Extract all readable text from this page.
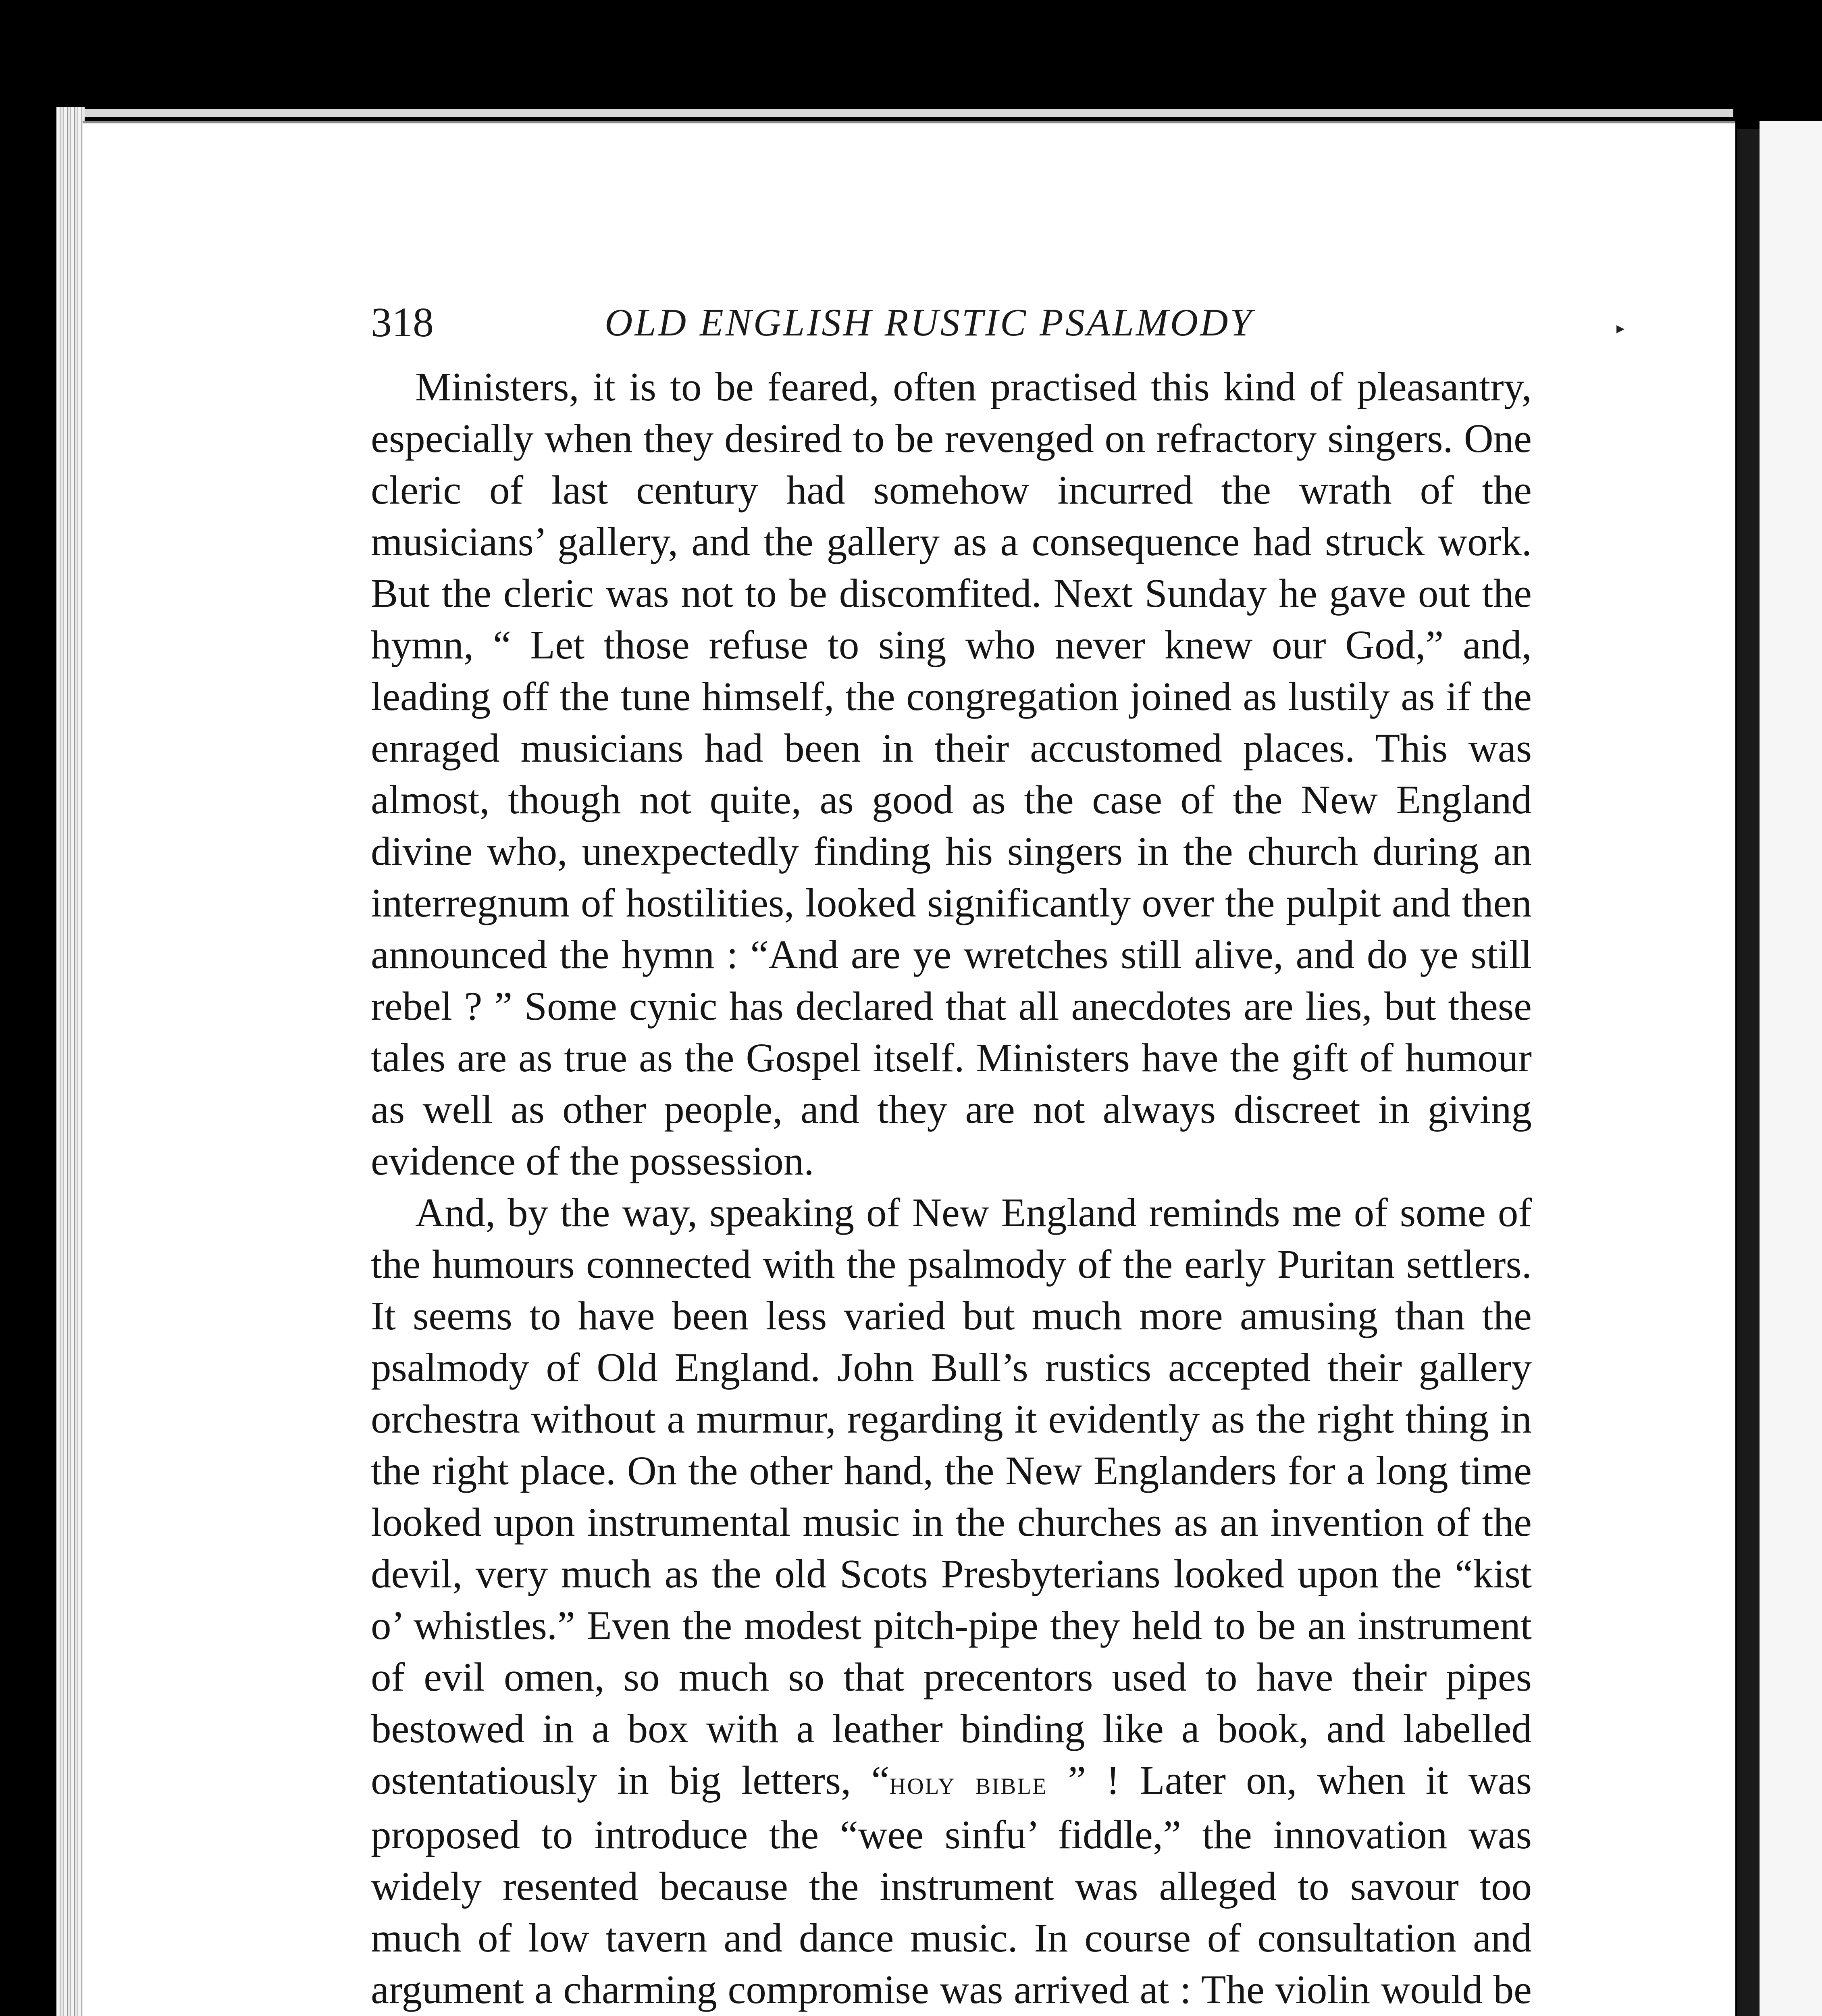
318	OLD ENGLISH RUSTIC PSALMODY	▸

Ministers, it is to be feared, often practised this kind of pleasantry, especially when they desired to be revenged on refractory singers. One cleric of last century had somehow incurred the wrath of the musicians’ gallery, and the gallery as a consequence had struck work. But the cleric was not to be discomfited. Next Sunday he gave out the hymn, “ Let those refuse to sing who never knew our God,” and, leading off the tune himself, the congregation joined as lustily as if the enraged musicians had been in their accustomed places. This was almost, though not quite, as good as the case of the New England divine who, unexpectedly finding his singers in the church during an interregnum of hostilities, looked significantly over the pulpit and then announced the hymn : “And are ye wretches still alive, and do ye still rebel ? ” Some cynic has declared that all anecdotes are lies, but these tales are as true as the Gospel itself. Ministers have the gift of humour as well as other people, and they are not always discreet in giving evidence of the possession.

And, by the way, speaking of New England reminds me of some of the humours connected with the psalmody of the early Puritan settlers. It seems to have been less varied but much more amusing than the psalmody of Old England. John Bull’s rustics accepted their gallery orchestra without a murmur, regarding it evidently as the right thing in the right place. On the other hand, the New Englanders for a long time looked upon instrumental music in the churches as an invention of the devil, very much as the old Scots Presbyterians looked upon the “kist o’ whistles.” Even the modest pitch-pipe they held to be an instrument of evil omen, so much so that precentors used to have their pipes bestowed in a box with a leather binding like a book, and labelled ostentatiously in big letters, “holy bible ” ! Later on, when it was proposed to introduce the “wee sinfu’ fiddle,” the innovation was widely resented because the instrument was alleged to savour too much of low tavern and dance music. In course of consultation and argument a charming compromise was arrived at : The violin would be
